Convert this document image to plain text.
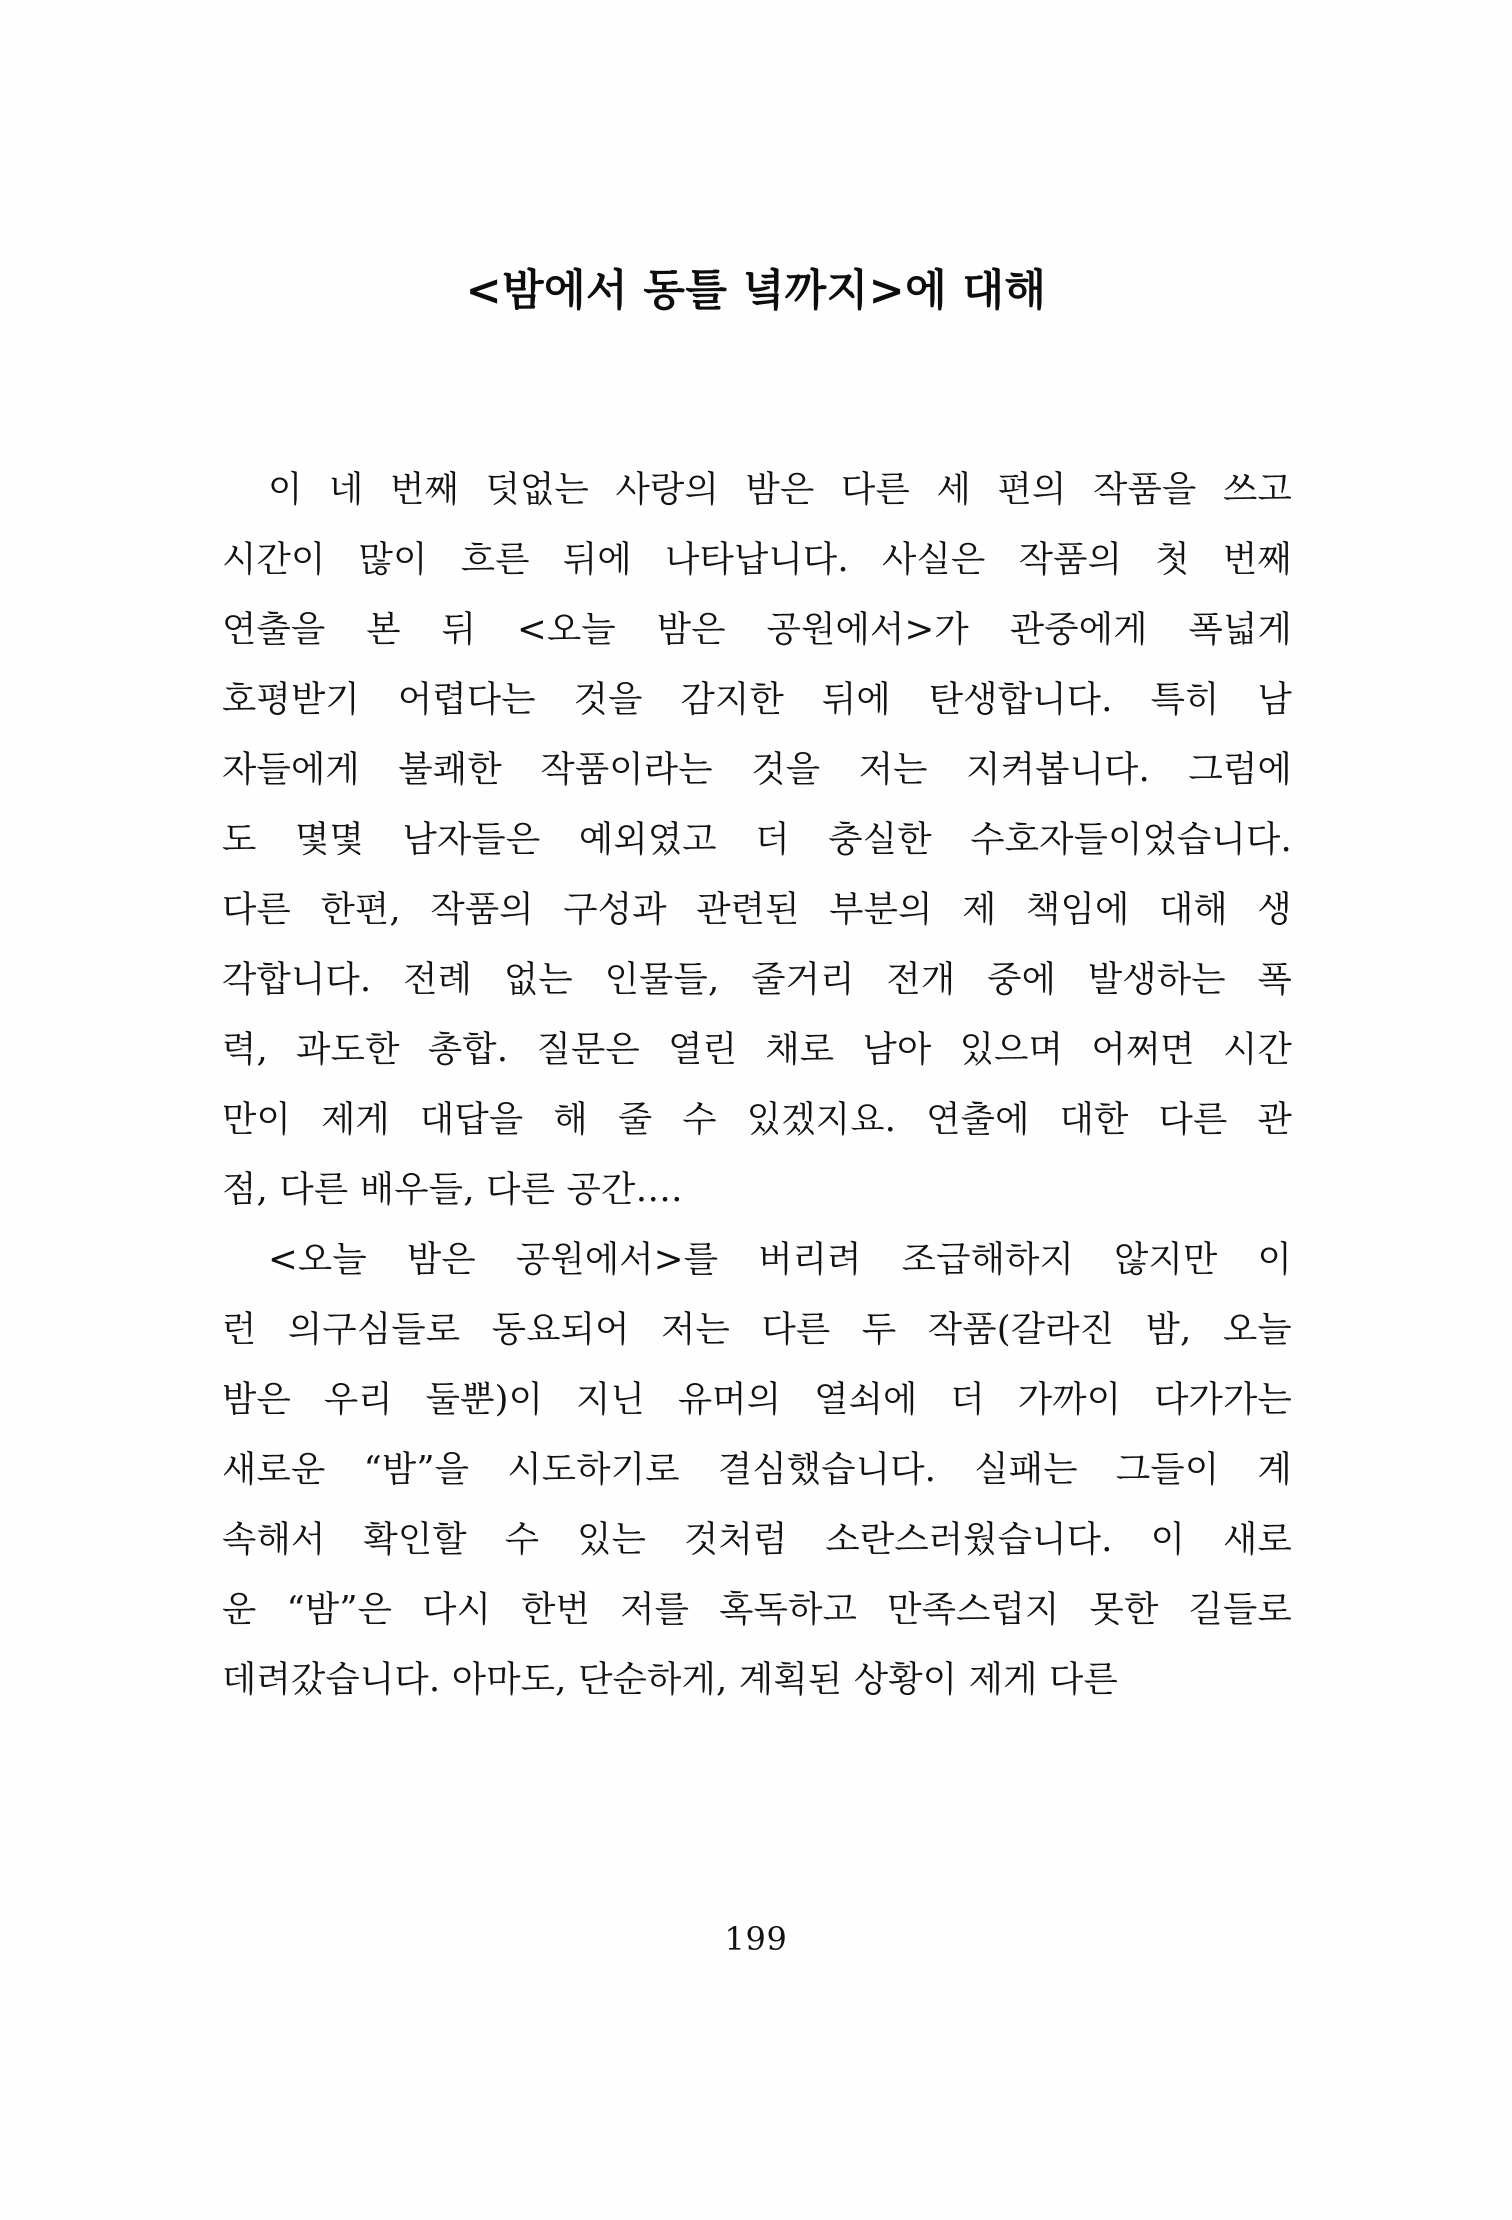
<밤에서 동틀 녘까지>에 대해
이 네 번째 덧없는 사랑의 밤은 다른 세 편의 작품을 쓰고
시간이 많이 흐른 뒤에 나타납니다. 사실은 작품의 첫 번째
연출을 본 뒤 <오늘 밤은 공원에서>가 관중에게 폭넓게
호평받기 어렵다는 것을 감지한 뒤에 탄생합니다. 특히 남
자들에게 불쾌한 작품이라는 것을 저는 지켜봅니다. 그럼에
도 몇몇 남자들은 예외였고 더 충실한 수호자들이었습니다.
다른 한편, 작품의 구성과 관련된 부분의 제 책임에 대해 생
각합니다. 전례 없는 인물들, 줄거리 전개 중에 발생하는 폭
력, 과도한 총합. 질문은 열린 채로 남아 있으며 어쩌면 시간
만이 제게 대답을 해 줄 수 있겠지요. 연출에 대한 다른 관
점, 다른 배우들, 다른 공간….
<오늘 밤은 공원에서>를 버리려 조급해하지 않지만 이
런 의구심들로 동요되어 저는 다른 두 작품(갈라진 밤, 오늘
밤은 우리 둘뿐)이 지닌 유머의 열쇠에 더 가까이 다가가는
새로운 “밤”을 시도하기로 결심했습니다. 실패는 그들이 계
속해서 확인할 수 있는 것처럼 소란스러웠습니다. 이 새로
운 “밤”은 다시 한번 저를 혹독하고 만족스럽지 못한 길들로
데려갔습니다. 아마도, 단순하게, 계획된 상황이 제게 다른
199
